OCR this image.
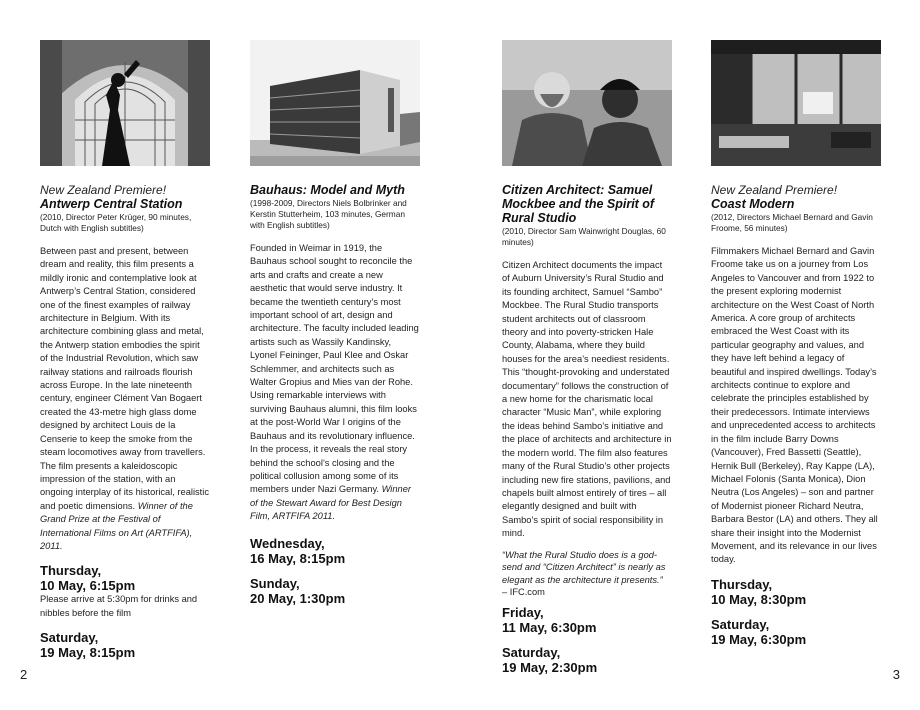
New Zealand Premiere!
Antwerp Central Station
(2010, Director Peter Krüger, 90 minutes, Dutch with English subtitles)
Between past and present, between dream and reality, this film presents a mildly ironic and contemplative look at Antwerp’s Central Station, considered one of the finest examples of railway architecture in Belgium. With its architecture combining glass and metal, the Antwerp station embodies the spirit of the Industrial Revolution, which saw railway stations and railroads flourish across Europe. In the late nineteenth century, engineer Clément Van Bogaert created the 43-metre high glass dome designed by architect Louis de la Censerie to keep the smoke from the steam locomotives away from travellers. The film presents a kaleidoscopic impression of the station, with an ongoing interplay of its historical, realistic and poetic dimensions. Winner of the Grand Prize at the Festival of International Films on Art (ARTFIFA), 2011.
Thursday,
10 May, 6:15pm
Please arrive at 5:30pm for drinks and nibbles before the film
Saturday,
19 May, 8:15pm
Bauhaus: Model and Myth
(1998-2009, Directors Niels Bolbrinker and Kerstin Stutterheim, 103 minutes, German with English subtitles)
Founded in Weimar in 1919, the Bauhaus school sought to reconcile the arts and crafts and create a new aesthetic that would serve industry. It became the twentieth century’s most important school of art, design and architecture. The faculty included leading artists such as Wassily Kandinsky, Lyonel Feininger, Paul Klee and Oskar Schlemmer, and architects such as Walter Gropius and Mies van der Rohe. Using remarkable interviews with surviving Bauhaus alumni, this film looks at the post-World War I origins of the Bauhaus and its revolutionary influence. In the process, it reveals the real story behind the school’s closing and the political collusion among some of its members under Nazi Germany. Winner of the Stewart Award for Best Design Film, ARTFIFA 2011.
Wednesday,
16 May, 8:15pm
Sunday,
20 May, 1:30pm
Citizen Architect: Samuel
Mockbee and the Spirit of
Rural Studio
(2010, Director Sam Wainwright Douglas, 60 minutes)
Citizen Architect documents the impact of Auburn University’s Rural Studio and its founding architect, Samuel “Sambo” Mockbee. The Rural Studio transports student architects out of classroom theory and into poverty-stricken Hale County, Alabama, where they build houses for the area’s neediest residents. This “thought-provoking and understated documentary” follows the construction of a new home for the charismatic local character “Music Man”, while exploring the ideas behind Sambo’s initiative and the place of architects and architecture in the modern world. The film also features many of the Rural Studio’s other projects including new fire stations, pavilions, and chapels built almost entirely of tires – all elegantly designed and built with Sambo’s spirit of social responsibility in mind.
“What the Rural Studio does is a god-send and “Citizen Architect” is nearly as elegant as the architecture it presents.”
– IFC.com
Friday,
11 May, 6:30pm
Saturday,
19 May, 2:30pm
New Zealand Premiere!
Coast Modern
(2012, Directors Michael Bernard and Gavin Froome, 56 minutes)
Filmmakers Michael Bernard and Gavin Froome take us on a journey from Los Angeles to Vancouver and from 1922 to the present exploring modernist architecture on the West Coast of North America. A core group of architects embraced the West Coast with its particular geography and values, and they have left behind a legacy of beautiful and inspired dwellings. Today’s architects continue to explore and celebrate the principles established by their predecessors. Intimate interviews and unprecedented access to architects in the film include Barry Downs (Vancouver), Fred Bassetti (Seattle), Hernik Bull (Berkeley), Ray Kappe (LA), Michael Folonis (Santa Monica), Dion Neutra (Los Angeles) – son and partner of Modernist pioneer Richard Neutra, Barbara Bestor (LA) and others. They all share their insight into the Modernist Movement, and its relevance in our lives today.
Thursday,
10 May, 8:30pm
Saturday,
19 May, 6:30pm
2	3
